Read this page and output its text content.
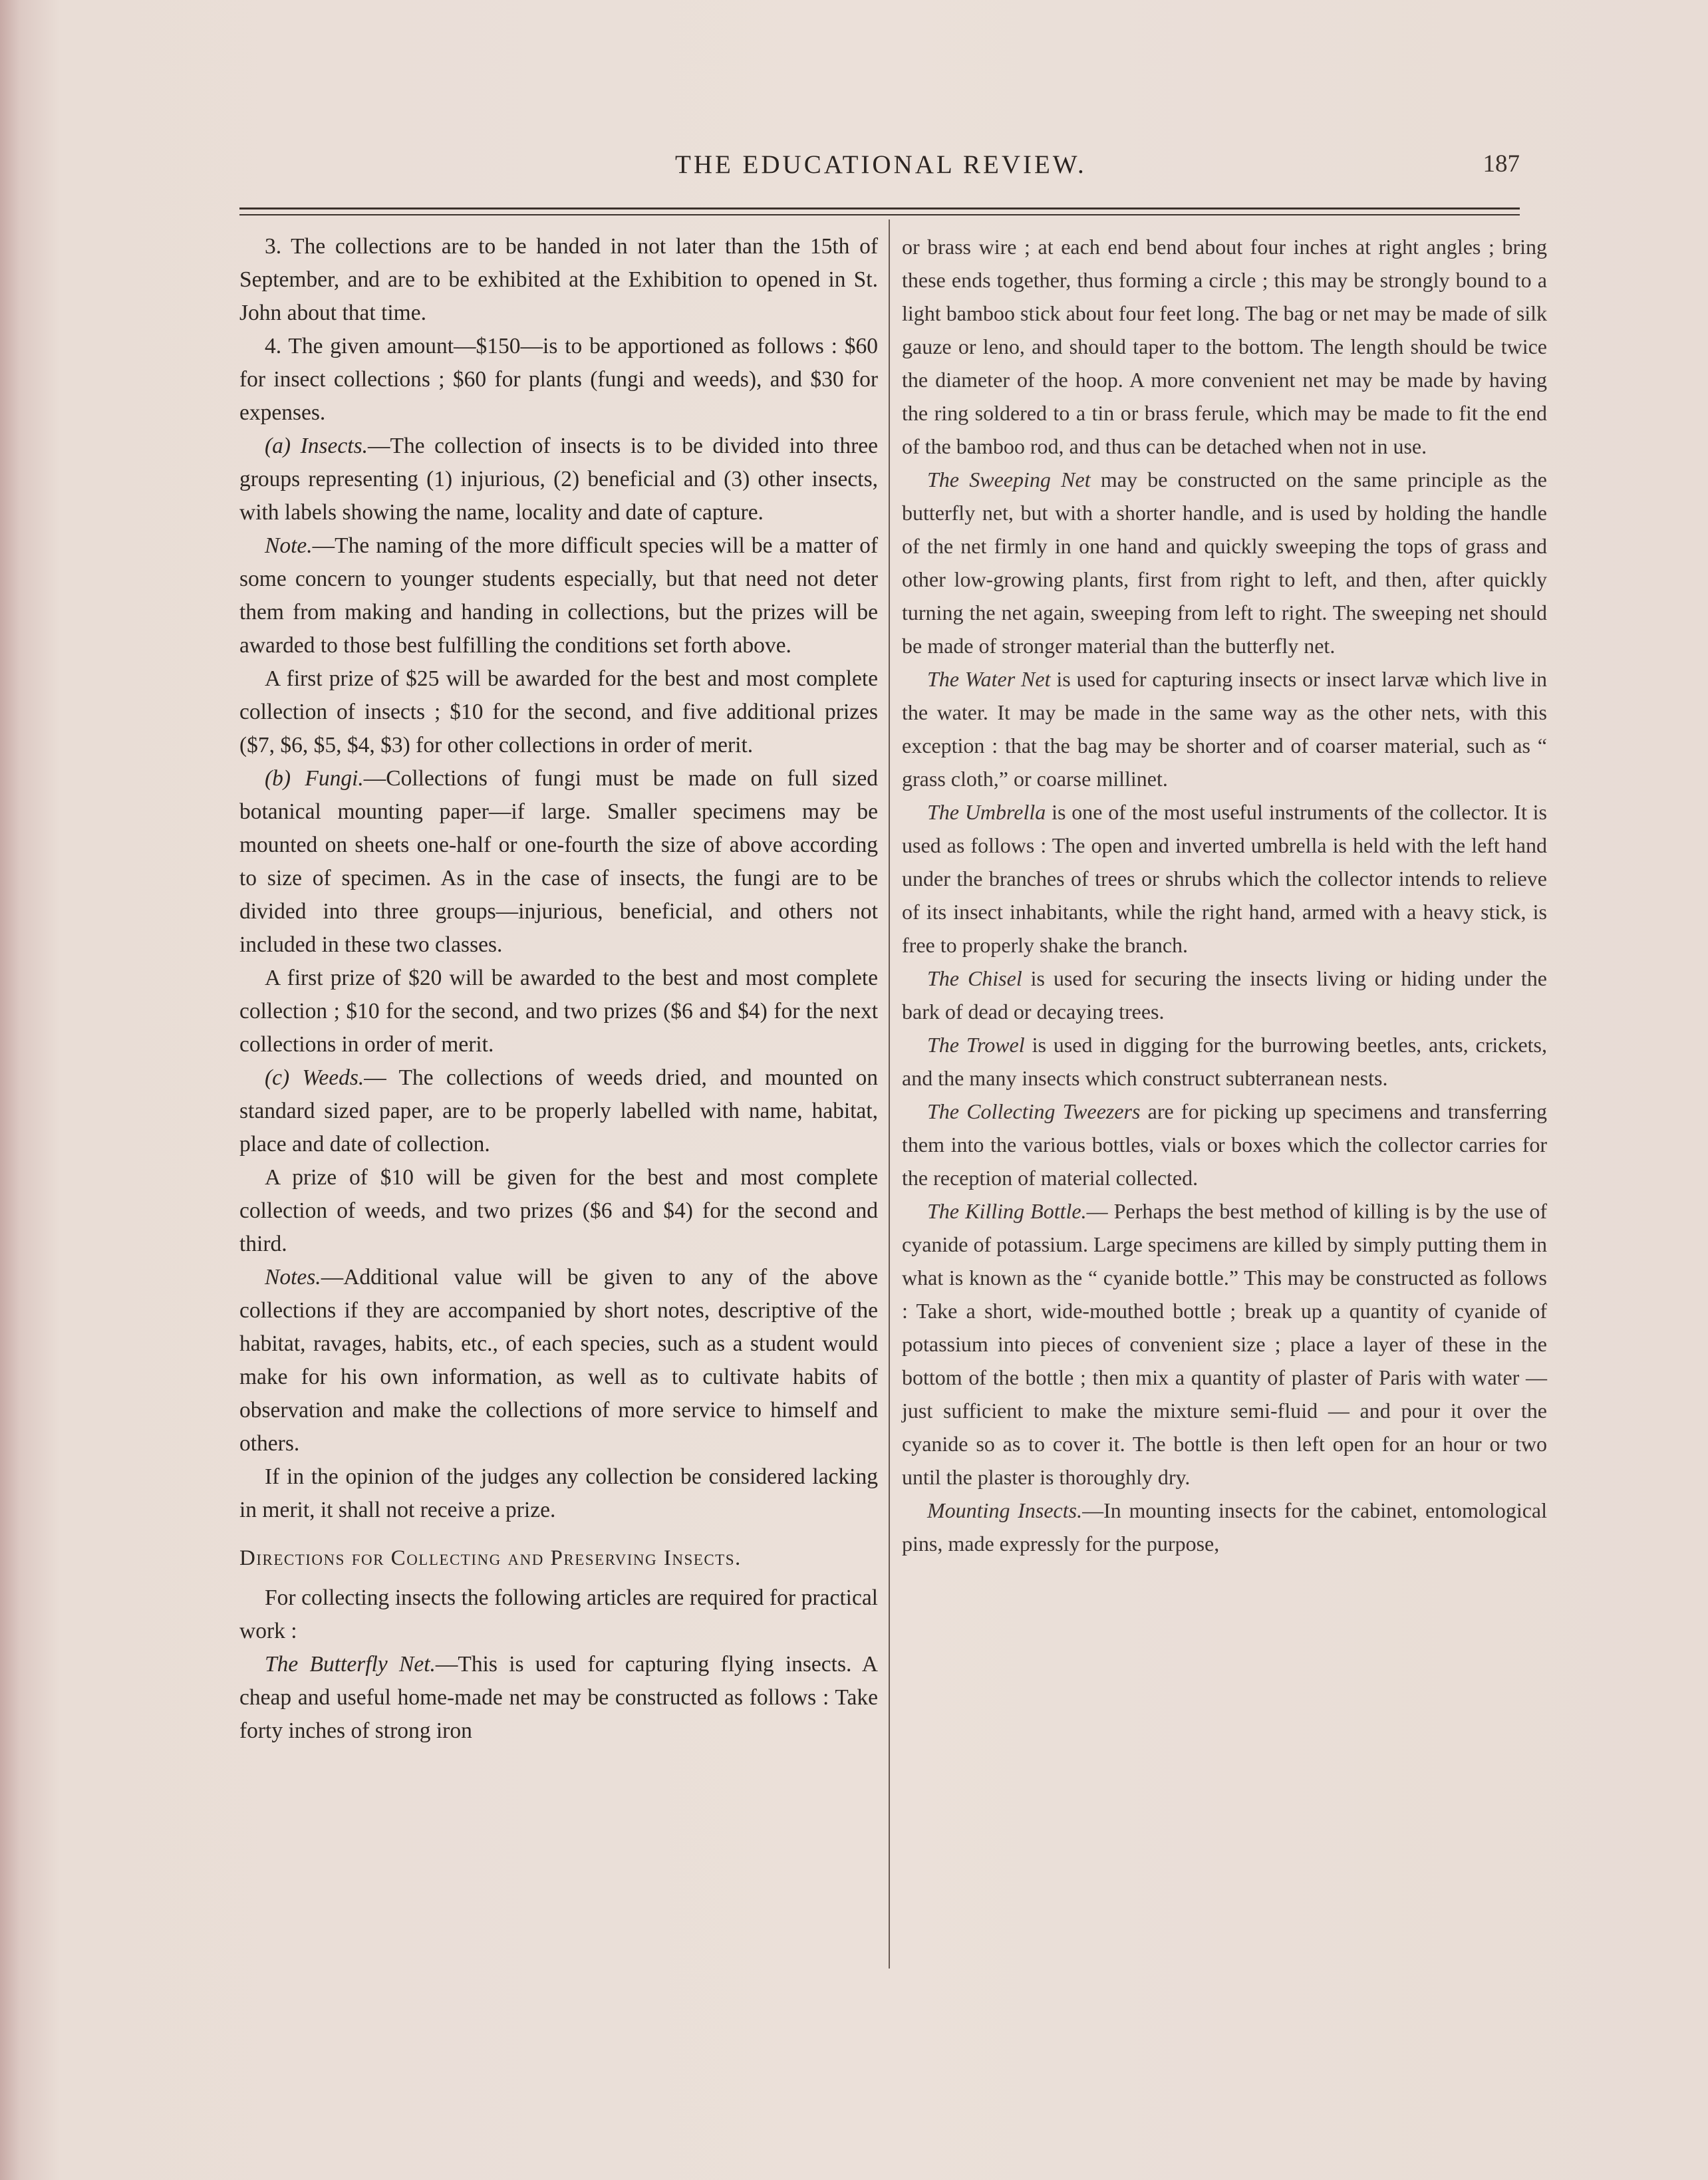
THE EDUCATIONAL REVIEW.	187

3. The collections are to be handed in not later than the 15th of September, and are to be exhibited at the Exhibition to opened in St. John about that time.

4. The given amount—$150—is to be apportioned as follows : $60 for insect collections ; $60 for plants (fungi and weeds), and $30 for expenses.

(a) Insects.—The collection of insects is to be divided into three groups representing (1) injurious, (2) beneficial and (3) other insects, with labels showing the name, locality and date of capture.

Note.—The naming of the more difficult species will be a matter of some concern to younger students especially, but that need not deter them from making and handing in collections, but the prizes will be awarded to those best fulfilling the conditions set forth above.

A first prize of $25 will be awarded for the best and most complete collection of insects ; $10 for the second, and five additional prizes ($7, $6, $5, $4, $3) for other collections in order of merit.

(b) Fungi.—Collections of fungi must be made on full sized botanical mounting paper—if large. Smaller specimens may be mounted on sheets one-half or one-fourth the size of above according to size of specimen. As in the case of insects, the fungi are to be divided into three groups—injurious, beneficial, and others not included in these two classes.

A first prize of $20 will be awarded to the best and most complete collection ; $10 for the second, and two prizes ($6 and $4) for the next collections in order of merit.

(c) Weeds.— The collections of weeds dried, and mounted on standard sized paper, are to be properly labelled with name, habitat, place and date of collection.

A prize of $10 will be given for the best and most complete collection of weeds, and two prizes ($6 and $4) for the second and third.

Notes.—Additional value will be given to any of the above collections if they are accompanied by short notes, descriptive of the habitat, ravages, habits, etc., of each species, such as a student would make for his own information, as well as to cultivate habits of observation and make the collections of more service to himself and others.

If in the opinion of the judges any collection be considered lacking in merit, it shall not receive a prize.

Directions for Collecting and Preserving Insects.

For collecting insects the following articles are required for practical work :

The Butterfly Net.—This is used for capturing flying insects. A cheap and useful home-made net may be constructed as follows : Take forty inches of strong iron

or brass wire ; at each end bend about four inches at right angles ; bring these ends together, thus forming a circle ; this may be strongly bound to a light bamboo stick about four feet long. The bag or net may be made of silk gauze or leno, and should taper to the bottom. The length should be twice the diameter of the hoop. A more convenient net may be made by having the ring soldered to a tin or brass ferule, which may be made to fit the end of the bamboo rod, and thus can be detached when not in use.

The Sweeping Net may be constructed on the same principle as the butterfly net, but with a shorter handle, and is used by holding the handle of the net firmly in one hand and quickly sweeping the tops of grass and other low-growing plants, first from right to left, and then, after quickly turning the net again, sweeping from left to right. The sweeping net should be made of stronger material than the butterfly net.

The Water Net is used for capturing insects or insect larvæ which live in the water. It may be made in the same way as the other nets, with this exception : that the bag may be shorter and of coarser material, such as “ grass cloth,” or coarse millinet.

The Umbrella is one of the most useful instruments of the collector. It is used as follows : The open and inverted umbrella is held with the left hand under the branches of trees or shrubs which the collector intends to relieve of its insect inhabitants, while the right hand, armed with a heavy stick, is free to properly shake the branch.

The Chisel is used for securing the insects living or hiding under the bark of dead or decaying trees.

The Trowel is used in digging for the burrowing beetles, ants, crickets, and the many insects which construct subterranean nests.

The Collecting Tweezers are for picking up specimens and transferring them into the various bottles, vials or boxes which the collector carries for the reception of material collected.

The Killing Bottle.— Perhaps the best method of killing is by the use of cyanide of potassium. Large specimens are killed by simply putting them in what is known as the “ cyanide bottle.” This may be constructed as follows : Take a short, wide-mouthed bottle ; break up a quantity of cyanide of potassium into pieces of convenient size ; place a layer of these in the bottom of the bottle ; then mix a quantity of plaster of Paris with water — just sufficient to make the mixture semi-fluid — and pour it over the cyanide so as to cover it. The bottle is then left open for an hour or two until the plaster is thoroughly dry.

Mounting Insects.—In mounting insects for the cabinet, entomological pins, made expressly for the purpose,
